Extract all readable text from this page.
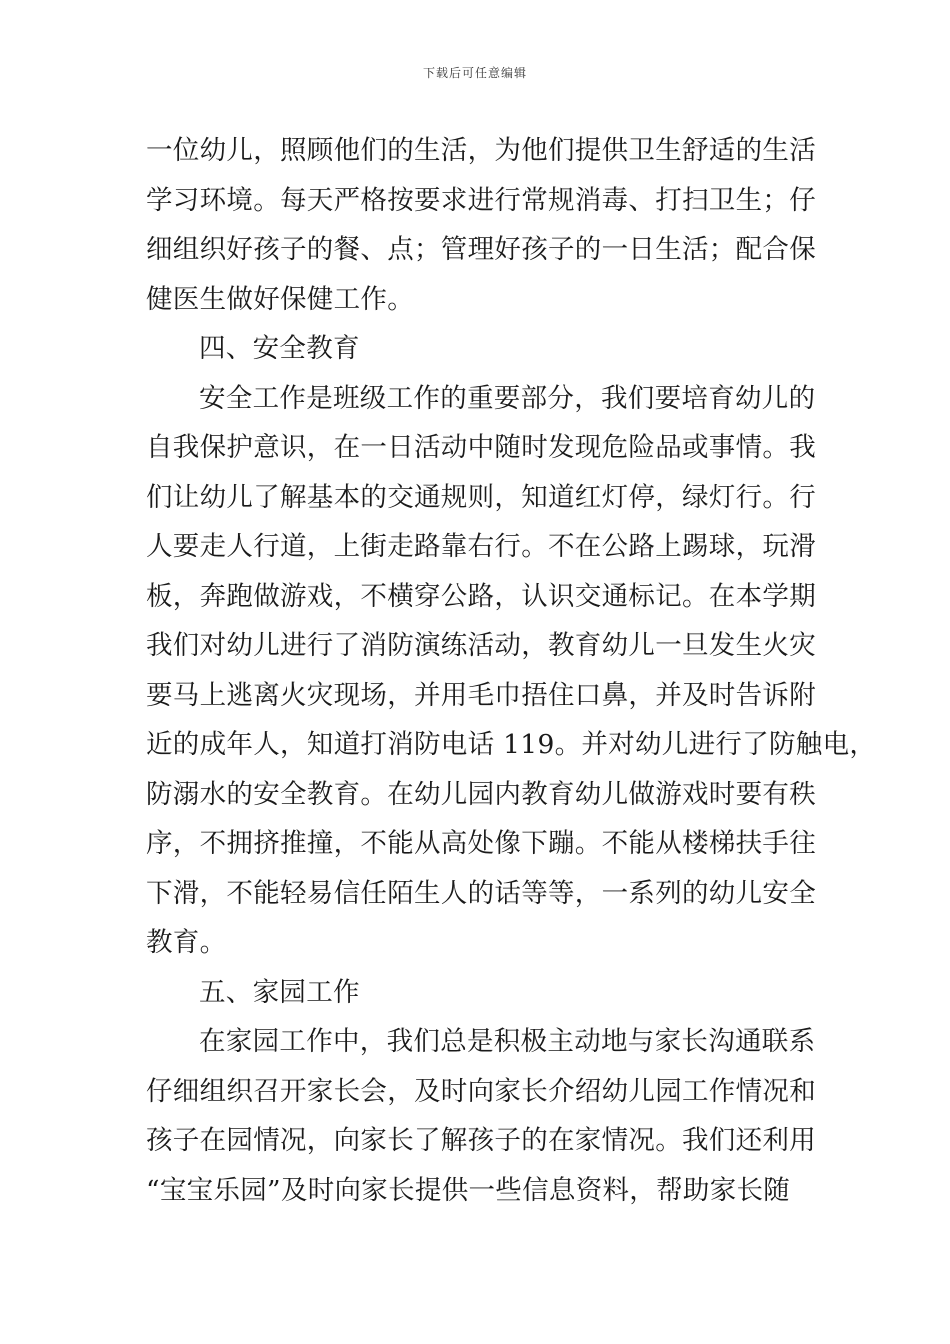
下载后可任意编辑
一位幼儿，照顾他们的生活，为他们提供卫生舒适的生活
学习环境。每天严格按要求进行常规消毒、打扫卫生；仔
细组织好孩子的餐、点；管理好孩子的一日生活；配合保
健医生做好保健工作。
四、安全教育
安全工作是班级工作的重要部分，我们要培育幼儿的
自我保护意识，在一日活动中随时发现危险品或事情。我
们让幼儿了解基本的交通规则，知道红灯停，绿灯行。行
人要走人行道，上街走路靠右行。不在公路上踢球，玩滑
板，奔跑做游戏，不横穿公路，认识交通标记。在本学期
我们对幼儿进行了消防演练活动，教育幼儿一旦发生火灾
要马上逃离火灾现场，并用毛巾捂住口鼻，并及时告诉附
近的成年人，知道打消防电话 119。并对幼儿进行了防触电，
防溺水的安全教育。在幼儿园内教育幼儿做游戏时要有秩
序，不拥挤推撞，不能从高处像下蹦。不能从楼梯扶手往
下滑，不能轻易信任陌生人的话等等，一系列的幼儿安全
教育。
五、家园工作
在家园工作中，我们总是积极主动地与家长沟通联系
仔细组织召开家长会，及时向家长介绍幼儿园工作情况和
孩子在园情况，向家长了解孩子的在家情况。我们还利用
“宝宝乐园”及时向家长提供一些信息资料，帮助家长随
